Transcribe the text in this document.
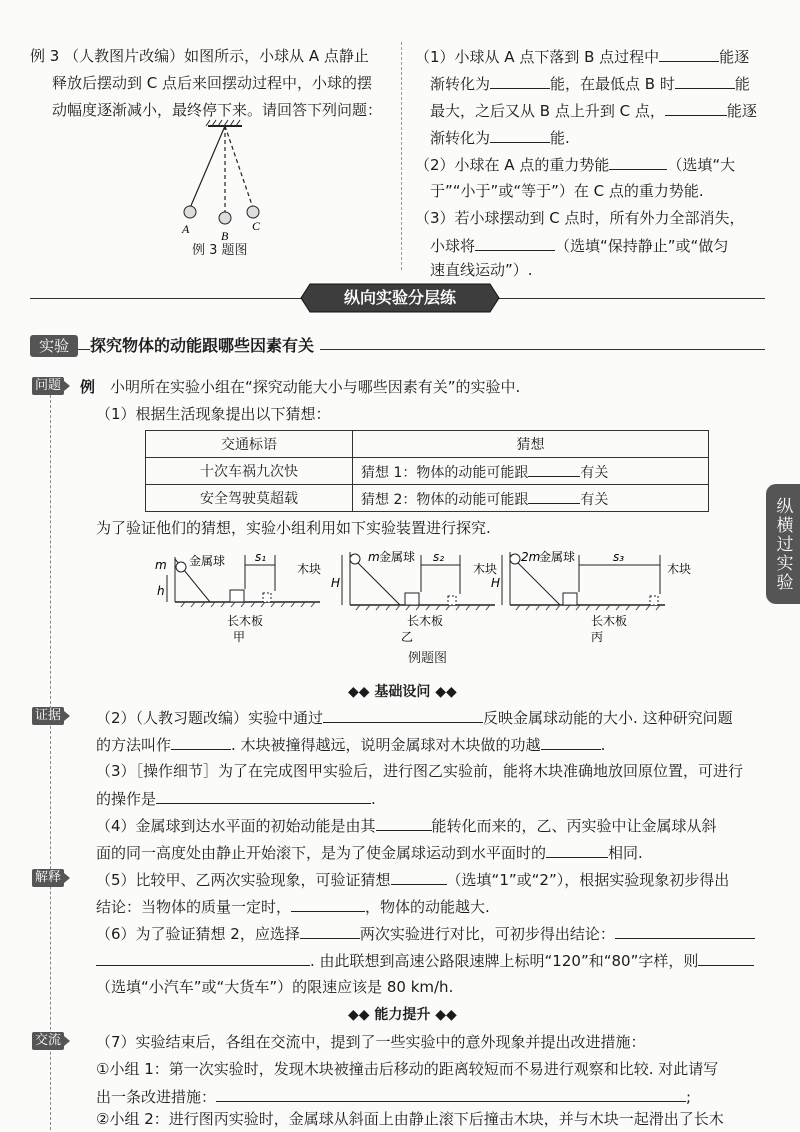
例 3 （人教图片改编）如图所示，小球从 A 点静止
释放后摆动到 C 点后来回摆动过程中，小球的摆
动幅度逐渐减小，最终停下来。请回答下列问题：
A	B
C
例 3 题图
（1）小球从 A 点下落到 B 点过程中	能逐
渐转化为	能，在最低点 B 时	能
最大，之后又从 B 点上升到 C 点，	能逐
渐转化为	能.
（2）小球在 A 点的重力势能	（选填“大
于”“小于”或“等于”）在 C 点的重力势能.
（3）若小球摆动到 C 点时，所有外力全部消失，
小球将	（选填“保持静止”或“做匀
速直线运动”）.
纵向实验分层练
实验	探究物体的动能跟哪些因素有关
问题 例 小明所在实验小组在“探究动能大小与哪些因素有关”的实验中.
（1）根据生活现象提出以下猜想：
交通标语	猜想
十次车祸九次快	猜想 1：物体的动能可能跟 有关
安全驾驶莫超载	猜想 2：物体的动能可能跟 有关
为了验证他们的猜想，实验小组利用如下实验装置进行探究.
m 金属球
h
s₁
木块
长木板
甲
m 金属球
H
s₂
木块
长木板
乙
2m
金属球
H
s₃
木块
长木板
丙
例题图
◆◆ 基础设问 ◆◆
证据 （2）（人教习题改编）实验中通过	反映金属球动能的大小. 这种研究问题
的方法叫作	. 木块被撞得越远，说明金属球对木块做的功越	.
（3）［操作细节］为了在完成图甲实验后，进行图乙实验前，能将木块准确地放回原位置，可进行
的操作是	.
（4）金属球到达水平面的初始动能是由其	能转化而来的，乙、丙实验中让金属球从斜
面的同一高度处由静止开始滚下，是为了使金属球运动到水平面时的	相同.
解释 （5）比较甲、乙两次实验现象，可验证猜想	（选填“1”或“2”），根据实验现象初步得出
结论：当物体的质量一定时，	，物体的动能越大.
（6）为了验证猜想 2，应选择	两次实验进行对比，可初步得出结论：
. 由此联想到高速公路限速牌上标明“120”和“80”字样，则
（选填“小汽车”或“大货车”）的限速应该是 80 km/h.
◆◆ 能力提升 ◆◆
交流 （7）实验结束后，各组在交流中，提到了一些实验中的意外现象并提出改进措施：
①小组 1：第一次实验时，发现木块被撞击后移动的距离较短而不易进行观察和比较. 对此请写
出一条改进措施：	;
②小组 2：进行图丙实验时，金属球从斜面上由静止滚下后撞击木块，并与木块一起滑出了长木
纵横过实验
